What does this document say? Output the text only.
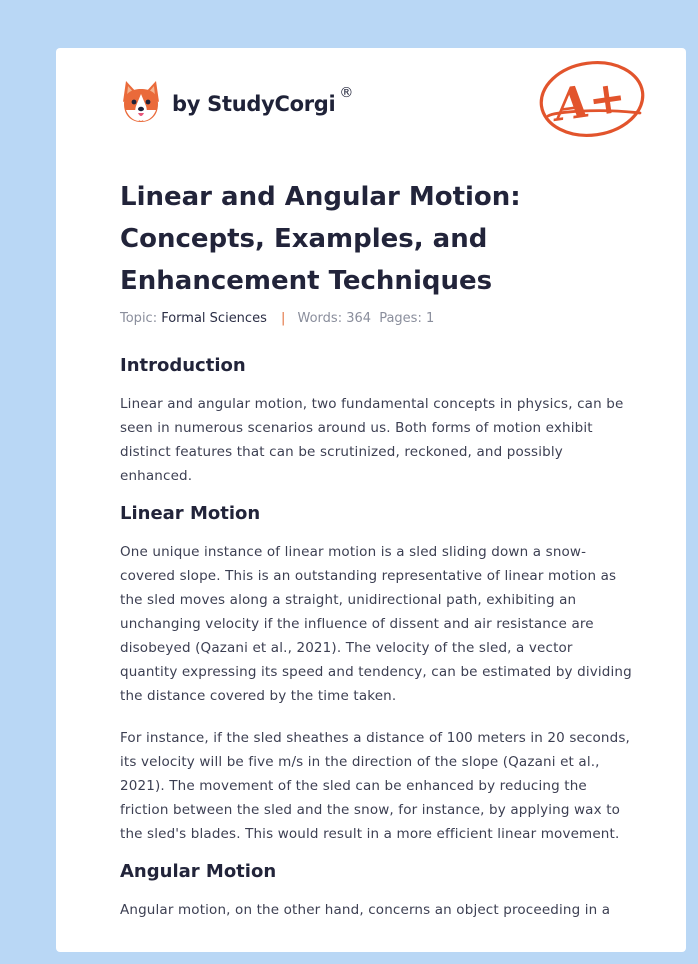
by StudyCorgi ®	A+
Linear and Angular Motion: Concepts, Examples, and Enhancement Techniques
Topic: Formal Sciences | Words: 364 Pages: 1
Introduction

Linear and angular motion, two fundamental concepts in physics, can be seen in numerous scenarios around us. Both forms of motion exhibit distinct features that can be scrutinized, reckoned, and possibly enhanced.

Linear Motion

One unique instance of linear motion is a sled sliding down a snow-covered slope. This is an outstanding representative of linear motion as the sled moves along a straight, unidirectional path, exhibiting an unchanging velocity if the influence of dissent and air resistance are disobeyed (Qazani et al., 2021). The velocity of the sled, a vector quantity expressing its speed and tendency, can be estimated by dividing the distance covered by the time taken.

For instance, if the sled sheathes a distance of 100 meters in 20 seconds, its velocity will be five m/s in the direction of the slope (Qazani et al., 2021). The movement of the sled can be enhanced by reducing the friction between the sled and the snow, for instance, by applying wax to the sled's blades. This would result in a more efficient linear movement.

Angular Motion

Angular motion, on the other hand, concerns an object proceeding in a
